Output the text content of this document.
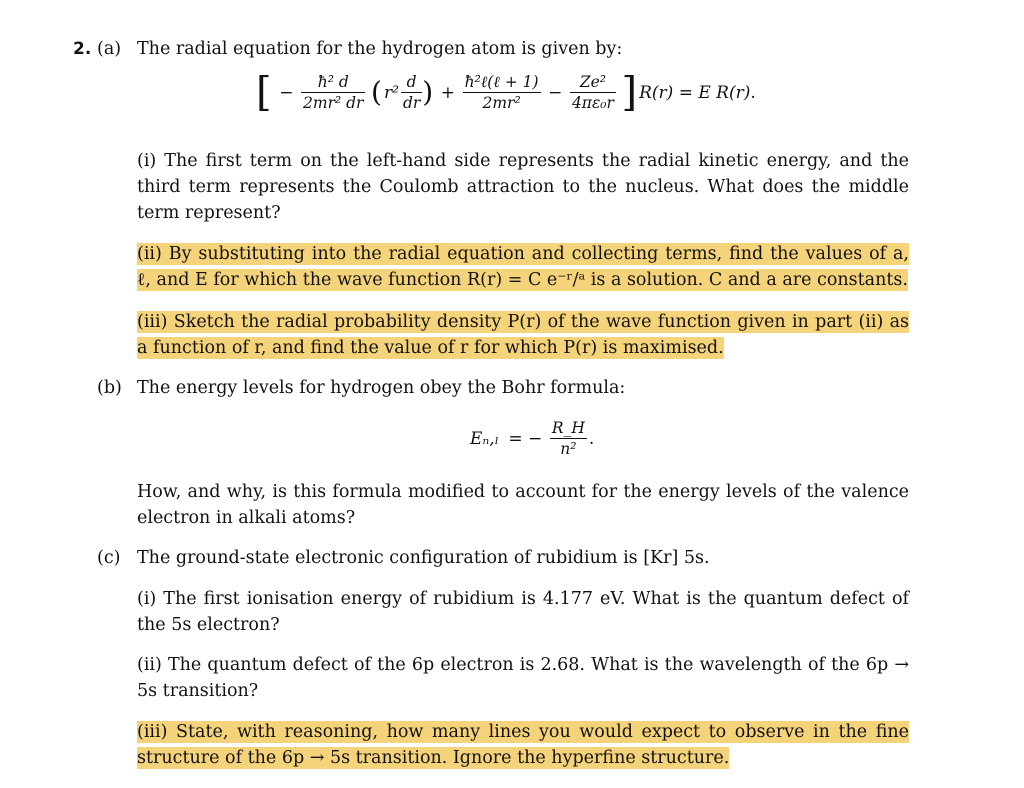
2. (a) The radial equation for the hydrogen atom is given by:
[ − $\frac{\text{ħ² d}}{\text{2mr² dr}}$ ( $r^2 \frac{d}{dr}$ ) + $\frac{\text{ħ²ℓ(ℓ + 1)}}{\text{2mr²}} - \frac{\text{Ze²}}{\text{4πε₀r}}$ ] R(r) = E R(r).
(i) The first term on the left-hand side represents the radial kinetic energy, and the third term represents the Coulomb attraction to the nucleus. What does the middle term represent?
(ii) By substituting into the radial equation and collecting terms, find the values of a, ℓ, and E for which the wave function R(r) = C e⁻ʳ/ᵃ is a solution. C and a are constants.
(iii) Sketch the radial probability density P(r) of the wave function given in part (ii) as a function of r, and find the value of r for which P(r) is maximised.
(b) The energy levels for hydrogen obey the Bohr formula:
Eₙ,ₗ = − $\frac{R\_H}{\text{n²}}$ .
How, and why, is this formula modified to account for the energy levels of the valence electron in alkali atoms?
(c) The ground-state electronic configuration of rubidium is [Kr] 5s.
(i) The first ionisation energy of rubidium is 4.177 eV. What is the quantum defect of the 5s electron?
(ii) The quantum defect of the 6p electron is 2.68. What is the wavelength of the 6p → 5s transition?
(iii) State, with reasoning, how many lines you would expect to observe in the fine structure of the 6p → 5s transition. Ignore the hyperfine structure.
